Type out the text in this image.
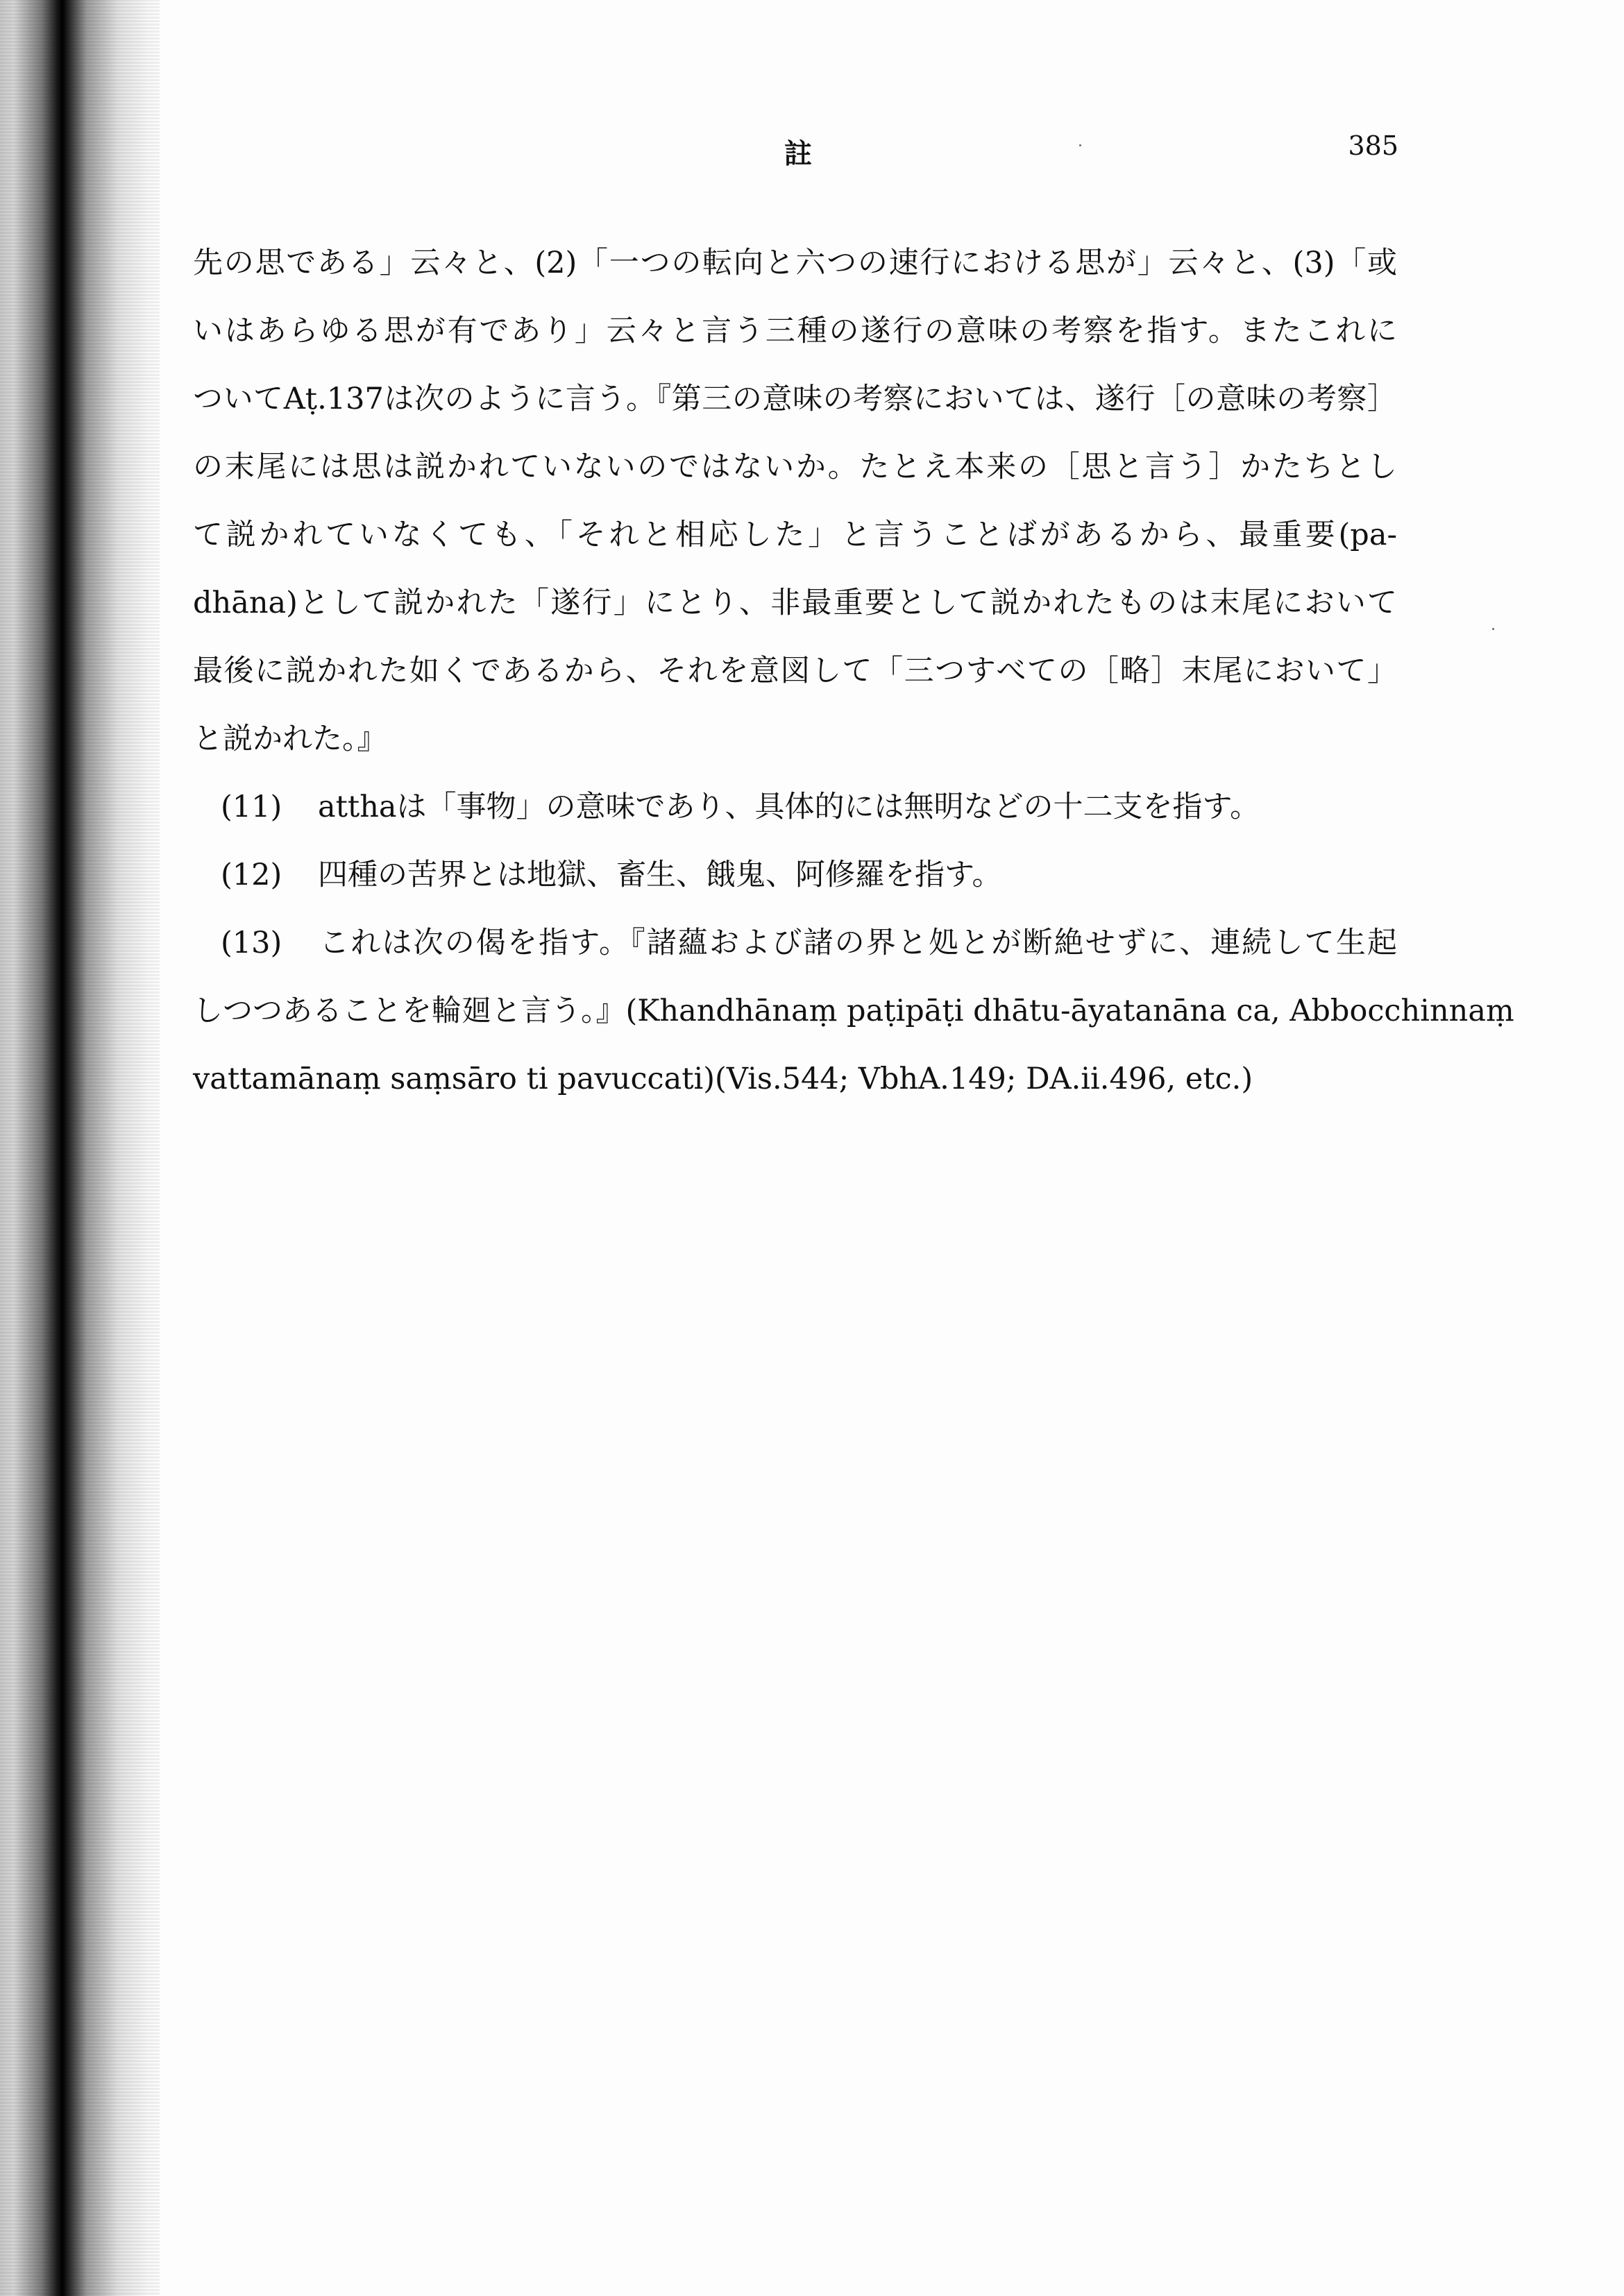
註	385
先の思である」云々と、(2)「一つの転向と六つの速行における思が」云々と、(3)「或
いはあらゆる思が有であり」云々と言う三種の遂行の意味の考察を指す。またこれに
ついてAṭ.137は次のように言う。『第三の意味の考察においては、遂行［の意味の考察］
の末尾には思は説かれていないのではないか。たとえ本来の［思と言う］かたちとし
て説かれていなくても、「それと相応した」と言うことばがあるから、最重要(pa-
dhāna)として説かれた「遂行」にとり、非最重要として説かれたものは末尾において
最後に説かれた如くであるから、それを意図して「三つすべての［略］末尾において」
と説かれた。』
(11) atthaは「事物」の意味であり、具体的には無明などの十二支を指す。
(12) 四種の苦界とは地獄、畜生、餓鬼、阿修羅を指す。
(13) これは次の偈を指す。『諸蘊および諸の界と処とが断絶せずに、連続して生起
しつつあることを輪廻と言う。』(Khandhānaṃ paṭipāṭi dhātu-āyatanāna ca, Abbocchinnaṃ
vattamānaṃ saṃsāro ti pavuccati)(Vis.544; VbhA.149; DA.ii.496, etc.)
